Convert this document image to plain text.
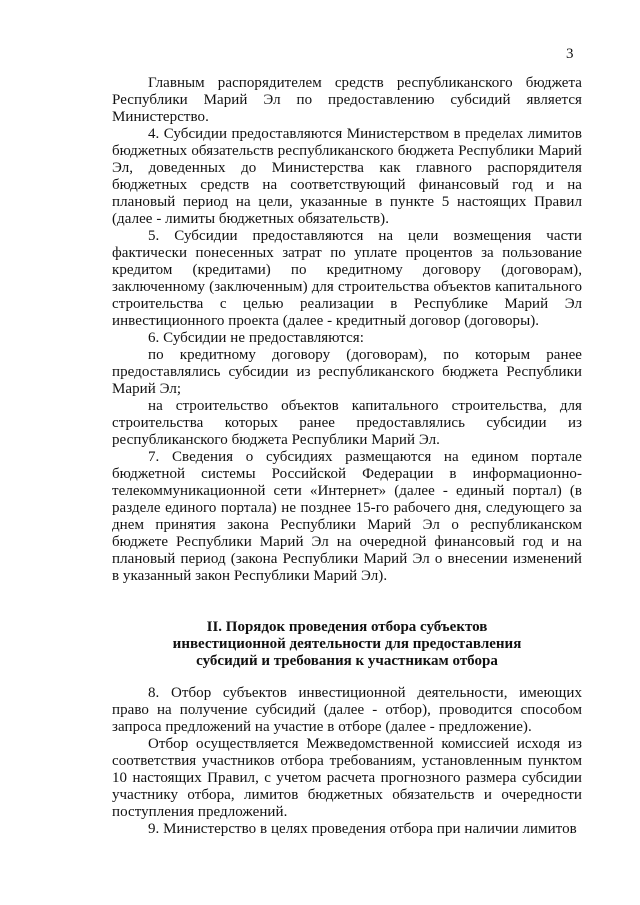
3

Главным распорядителем средств республиканского бюджета Республики Марий Эл по предоставлению субсидий является Министерство.

4. Субсидии предоставляются Министерством в пределах лимитов бюджетных обязательств республиканского бюджета Республики Марий Эл, доведенных до Министерства как главного распорядителя бюджетных средств на соответствующий финансовый год и на плановый период на цели, указанные в пункте 5 настоящих Правил (далее - лимиты бюджетных обязательств).

5. Субсидии предоставляются на цели возмещения части фактически понесенных затрат по уплате процентов за пользование кредитом (кредитами) по кредитному договору (договорам), заключенному (заключенным) для строительства объектов капитального строительства с целью реализации в Республике Марий Эл инвестиционного проекта (далее - кредитный договор (договоры).

6. Субсидии не предоставляются:

по кредитному договору (договорам), по которым ранее предоставлялись субсидии из республиканского бюджета Республики Марий Эл;

на строительство объектов капитального строительства, для строительства которых ранее предоставлялись субсидии из республиканского бюджета Республики Марий Эл.

7. Сведения о субсидиях размещаются на едином портале бюджетной системы Российской Федерации в информационно-телекоммуникационной сети «Интернет» (далее - единый портал) (в разделе единого портала) не позднее 15-го рабочего дня, следующего за днем принятия закона Республики Марий Эл о республиканском бюджете Республики Марий Эл на очередной финансовый год и на плановый период (закона Республики Марий Эл о внесении изменений в указанный закон Республики Марий Эл).

II. Порядок проведения отбора субъектов
инвестиционной деятельности для предоставления
субсидий и требования к участникам отбора

8. Отбор субъектов инвестиционной деятельности, имеющих право на получение субсидий (далее - отбор), проводится способом запроса предложений на участие в отборе (далее - предложение).

Отбор осуществляется Межведомственной комиссией исходя из соответствия участников отбора требованиям, установленным пунктом 10 настоящих Правил, с учетом расчета прогнозного размера субсидии участнику отбора, лимитов бюджетных обязательств и очередности поступления предложений.

9. Министерство в целях проведения отбора при наличии лимитов
